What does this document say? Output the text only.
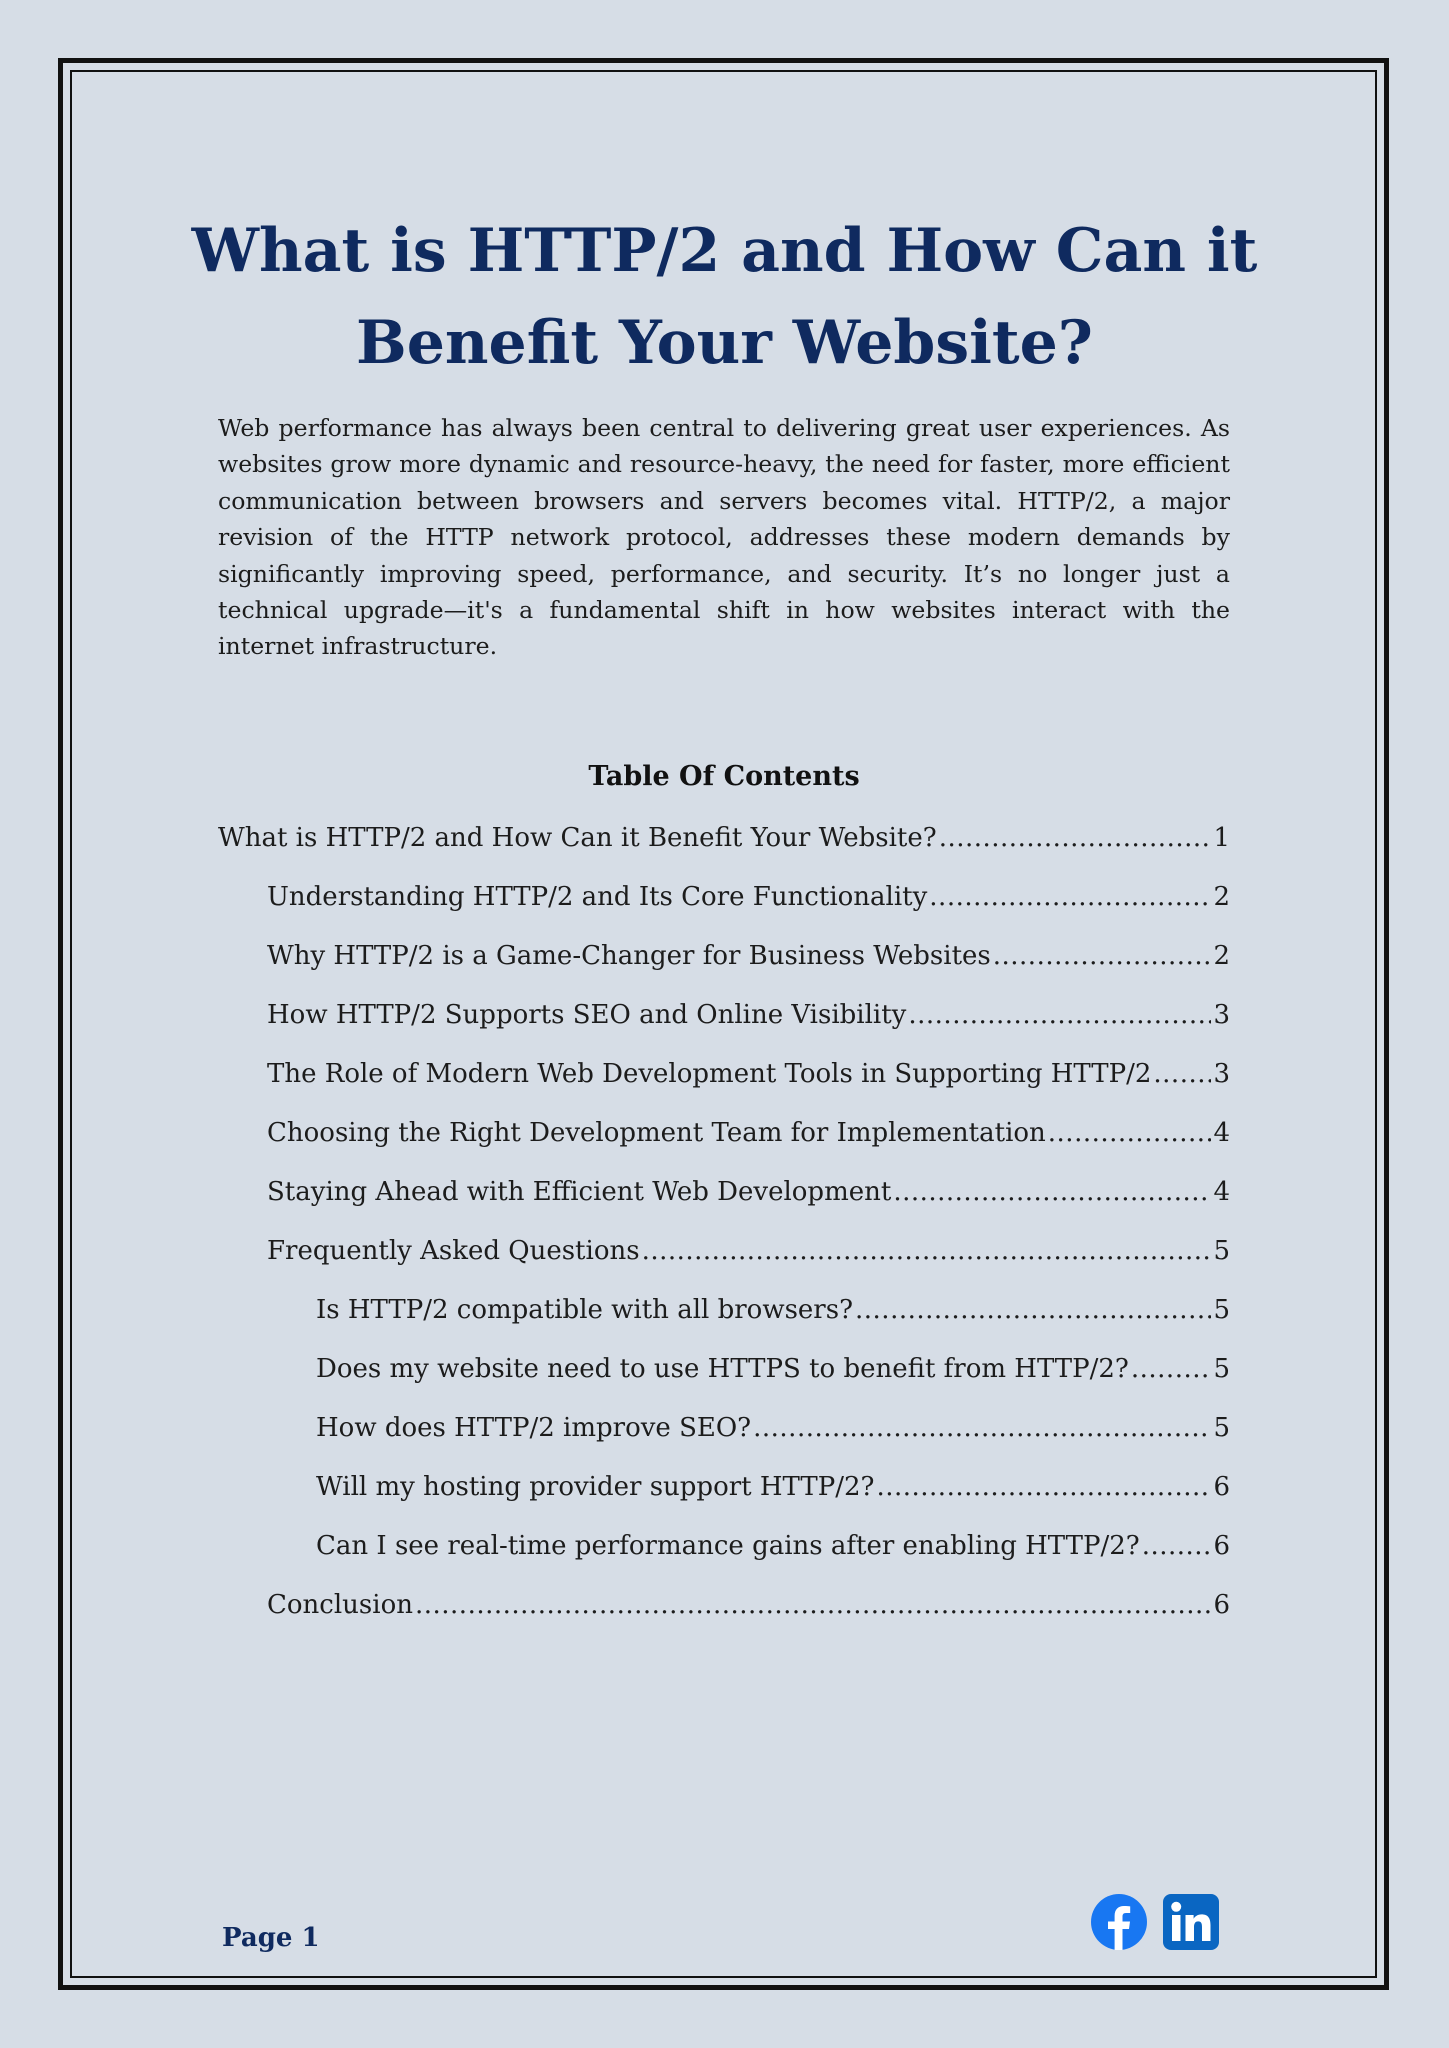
What is HTTP/2 and How Can it Benefit Your Website?

Web performance has always been central to delivering great user experiences. As websites grow more dynamic and resource-heavy, the need for faster, more efficient communication between browsers and servers becomes vital. HTTP/2, a major revision of the HTTP network protocol, addresses these modern demands by significantly improving speed, performance, and security. It’s no longer just a technical upgrade—it's a fundamental shift in how websites interact with the internet infrastructure.

Table Of Contents
What is HTTP/2 and How Can it Benefit Your Website? .....	1
Understanding HTTP/2 and Its Core Functionality .....	2
Why HTTP/2 is a Game-Changer for Business Websites .....	2
How HTTP/2 Supports SEO and Online Visibility .....	3
The Role of Modern Web Development Tools in Supporting HTTP/2 ..... 3
Choosing the Right Development Team for Implementation .....	4
Staying Ahead with Efficient Web Development .....	4
Frequently Asked Questions .....	5
Is HTTP/2 compatible with all browsers? .....	5
Does my website need to use HTTPS to benefit from HTTP/2? .....	5
How does HTTP/2 improve SEO? .....	5
Will my hosting provider support HTTP/2? .....	6
Can I see real-time performance gains after enabling HTTP/2? .....	6
Conclusion .....	6
Page 1
